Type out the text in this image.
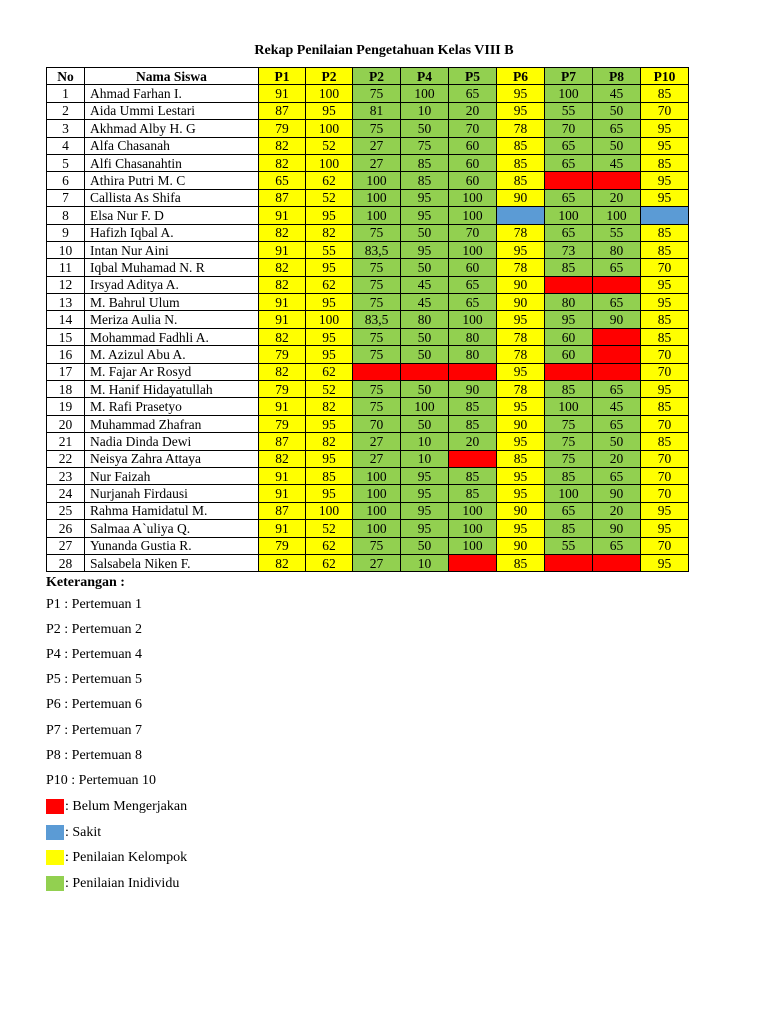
Rekap Penilaian Pengetahuan Kelas VIII B
No	Nama Siswa	P1	P2	P2	P4	P5	P6	P7	P8	P10
1	Ahmad Farhan I.	91	100	75	100	65	95	100	45	85
2	Aida Ummi Lestari	87	95	81	10	20	95	55	50	70
3	Akhmad Alby H. G	79	100	75	50	70	78	70	65	95
4	Alfa Chasanah	82	52	27	75	60	85	65	50	95
5	Alfi Chasanahtin	82	100	27	85	60	85	65	45	85
6	Athira Putri M. C	65	62	100	85	60	85			95
7	Callista As Shifa	87	52	100	95	100	90	65	20	95
8	Elsa Nur F. D	91	95	100	95	100		100	100	
9	Hafizh Iqbal A.	82	82	75	50	70	78	65	55	85
10	Intan Nur Aini	91	55	83,5	95	100	95	73	80	85
11	Iqbal Muhamad N. R	82	95	75	50	60	78	85	65	70
12	Irsyad Aditya A.	82	62	75	45	65	90			95
13	M. Bahrul Ulum	91	95	75	45	65	90	80	65	95
14	Meriza Aulia N.	91	100	83,5	80	100	95	95	90	85
15	Mohammad Fadhli A.	82	95	75	50	80	78	60		85
16	M. Azizul Abu A.	79	95	75	50	80	78	60		70
17	M. Fajar Ar Rosyd	82	62				95			70
18	M. Hanif Hidayatullah	79	52	75	50	90	78	85	65	95
19	M. Rafi Prasetyo	91	82	75	100	85	95	100	45	85
20	Muhammad Zhafran	79	95	70	50	85	90	75	65	70
21	Nadia Dinda Dewi	87	82	27	10	20	95	75	50	85
22	Neisya Zahra Attaya	82	95	27	10		85	75	20	70
23	Nur Faizah	91	85	100	95	85	95	85	65	70
24	Nurjanah Firdausi	91	95	100	95	85	95	100	90	70
25	Rahma Hamidatul M.	87	100	100	95	100	90	65	20	95
26	Salmaa A`uliya Q.	91	52	100	95	100	95	85	90	95
27	Yunanda Gustia R.	79	62	75	50	100	90	55	65	70
28	Salsabela Niken F.	82	62	27	10		85			95
Keterangan :
P1 : Pertemuan 1
P2 : Pertemuan 2
P4 : Pertemuan 4
P5 : Pertemuan 5
P6 : Pertemuan 6
P7 : Pertemuan 7
P8 : Pertemuan 8
P10 : Pertemuan 10
: Belum Mengerjakan
: Sakit
: Penilaian Kelompok
: Penilaian Inidividu
